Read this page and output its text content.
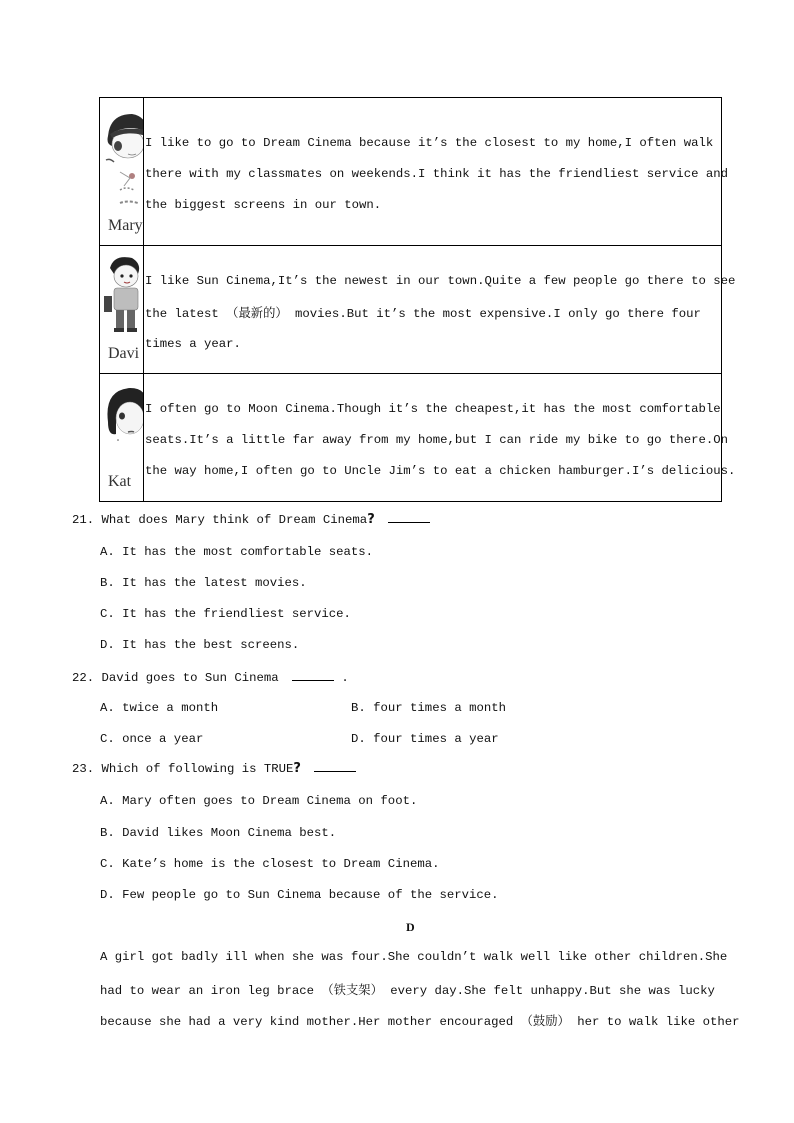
Mary
I like to go to Dream Cinema because it’s the closest to my home,I often walk
there with my classmates on weekends.I think it has the friendliest service and
the biggest screens in our town.
Davi
I like Sun Cinema,It’s the newest in our town.Quite a few people go there to see
the latest （最新的） movies.But it’s the most expensive.I only go there four
times a year.
Kat
I often go to Moon Cinema.Though it’s the cheapest,it has the most comfortable
seats.It’s a little far away from my home,but I can ride my bike to go there.On
the way home,I often go to Uncle Jim’s to eat a chicken hamburger.I’s delicious.
21. What does Mary think of Dream Cinema?
A. It has the most comfortable seats.
B. It has the latest movies.
C. It has the friendliest service.
D. It has the best screens.
22. David goes to Sun Cinema	.
A. twice a month	B. four times a month
C. once a year	D. four times a year
23. Which of following is TRUE?
A. Mary often goes to Dream Cinema on foot.
B. David likes Moon Cinema best.
C. Kate’s home is the closest to Dream Cinema.
D. Few people go to Sun Cinema because of the service.
D
A girl got badly ill when she was four.She couldn’t walk well like other children.She
had to wear an iron leg brace （铁支架） every day.She felt unhappy.But she was lucky
because she had a very kind mother.Her mother encouraged （鼓励） her to walk like other
